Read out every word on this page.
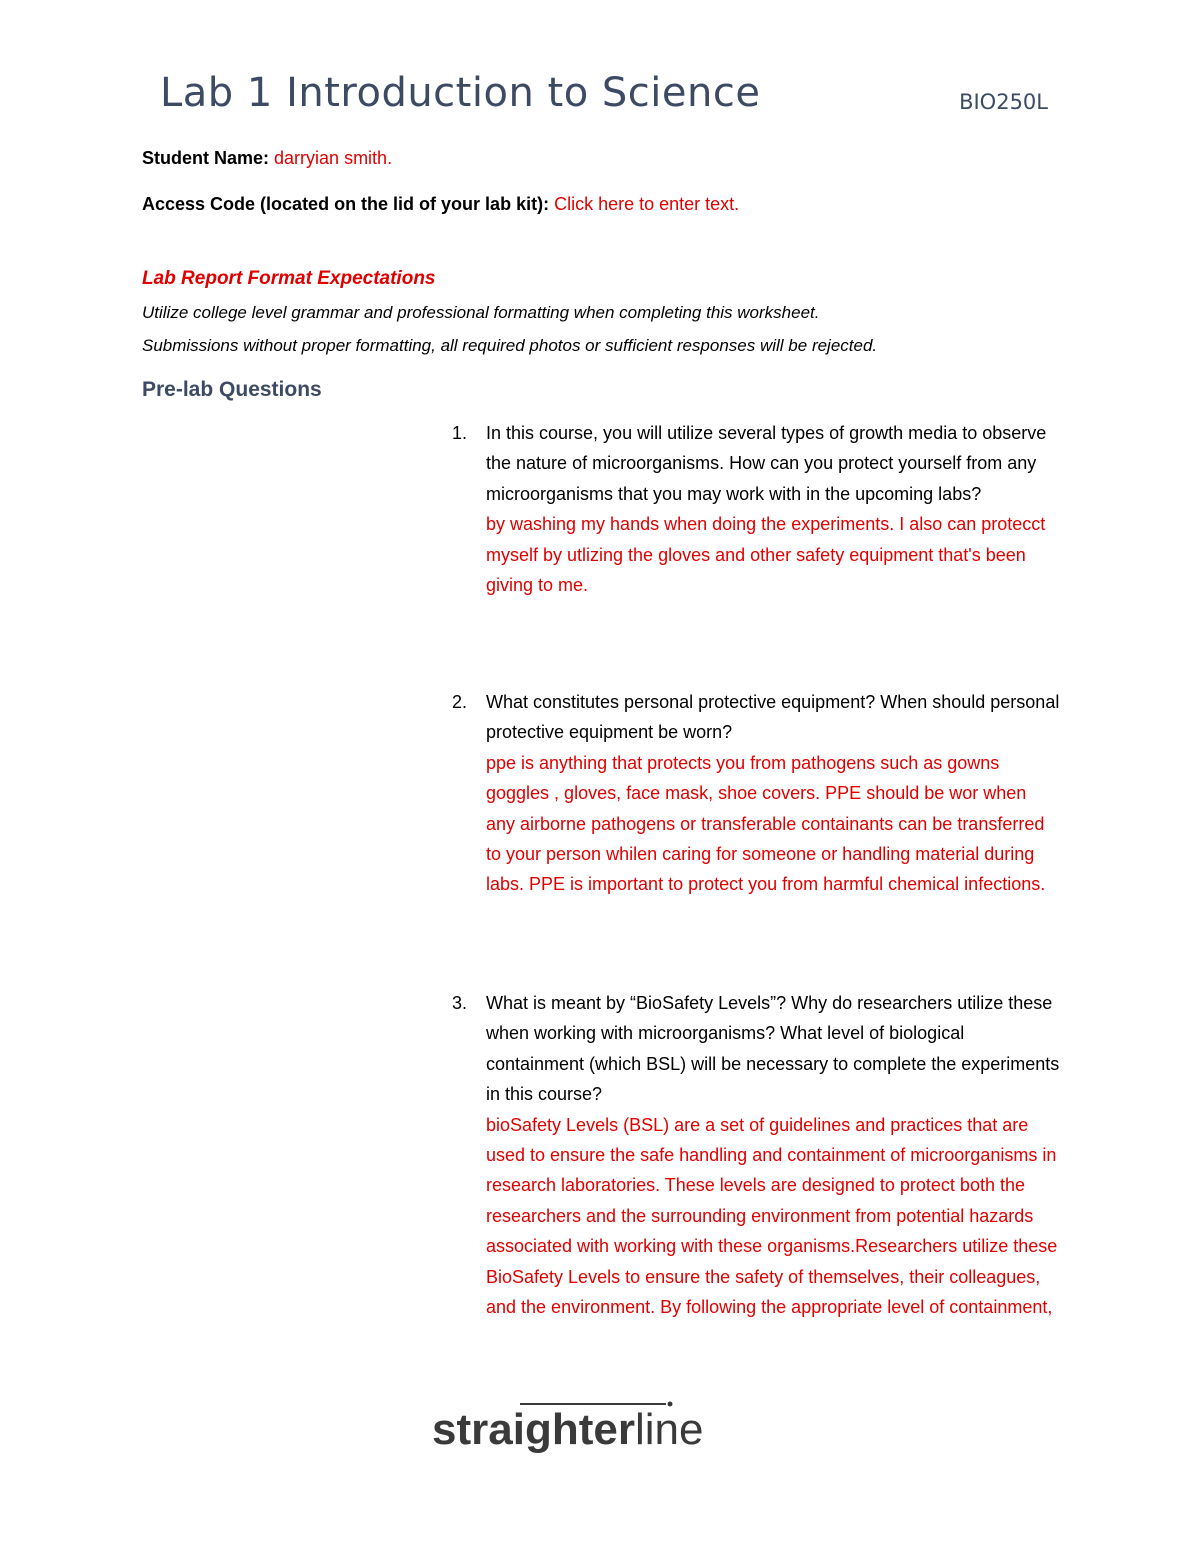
Lab 1 Introduction to Science	BIO250L
Student Name: darryian smith.
Access Code (located on the lid of your lab kit): Click here to enter text.
Lab Report Format Expectations
Utilize college level grammar and professional formatting when completing this worksheet.
Submissions without proper formatting, all required photos or sufficient responses will be rejected.
Pre-lab Questions
1. In this course, you will utilize several types of growth media to observe the nature of microorganisms. How can you protect yourself from any microorganisms that you may work with in the upcoming labs?
by washing my hands when doing the experiments. I also can protecct myself by utlizing the gloves and other safety equipment that's been giving to me.
2. What constitutes personal protective equipment? When should personal protective equipment be worn?
ppe is anything that protects you from pathogens such as gowns goggles , gloves, face mask, shoe covers. PPE should be wor when any airborne pathogens or transferable containants can be transferred to your person whilen caring for someone or handling material during labs. PPE is important to protect you from harmful chemical infections.
3. What is meant by “BioSafety Levels”? Why do researchers utilize these when working with microorganisms? What level of biological containment (which BSL) will be necessary to complete the experiments in this course?
bioSafety Levels (BSL) are a set of guidelines and practices that are used to ensure the safe handling and containment of microorganisms in research laboratories. These levels are designed to protect both the researchers and the surrounding environment from potential hazards associated with working with these organisms.Researchers utilize these BioSafety Levels to ensure the safety of themselves, their colleagues, and the environment. By following the appropriate level of containment,
straighterline
